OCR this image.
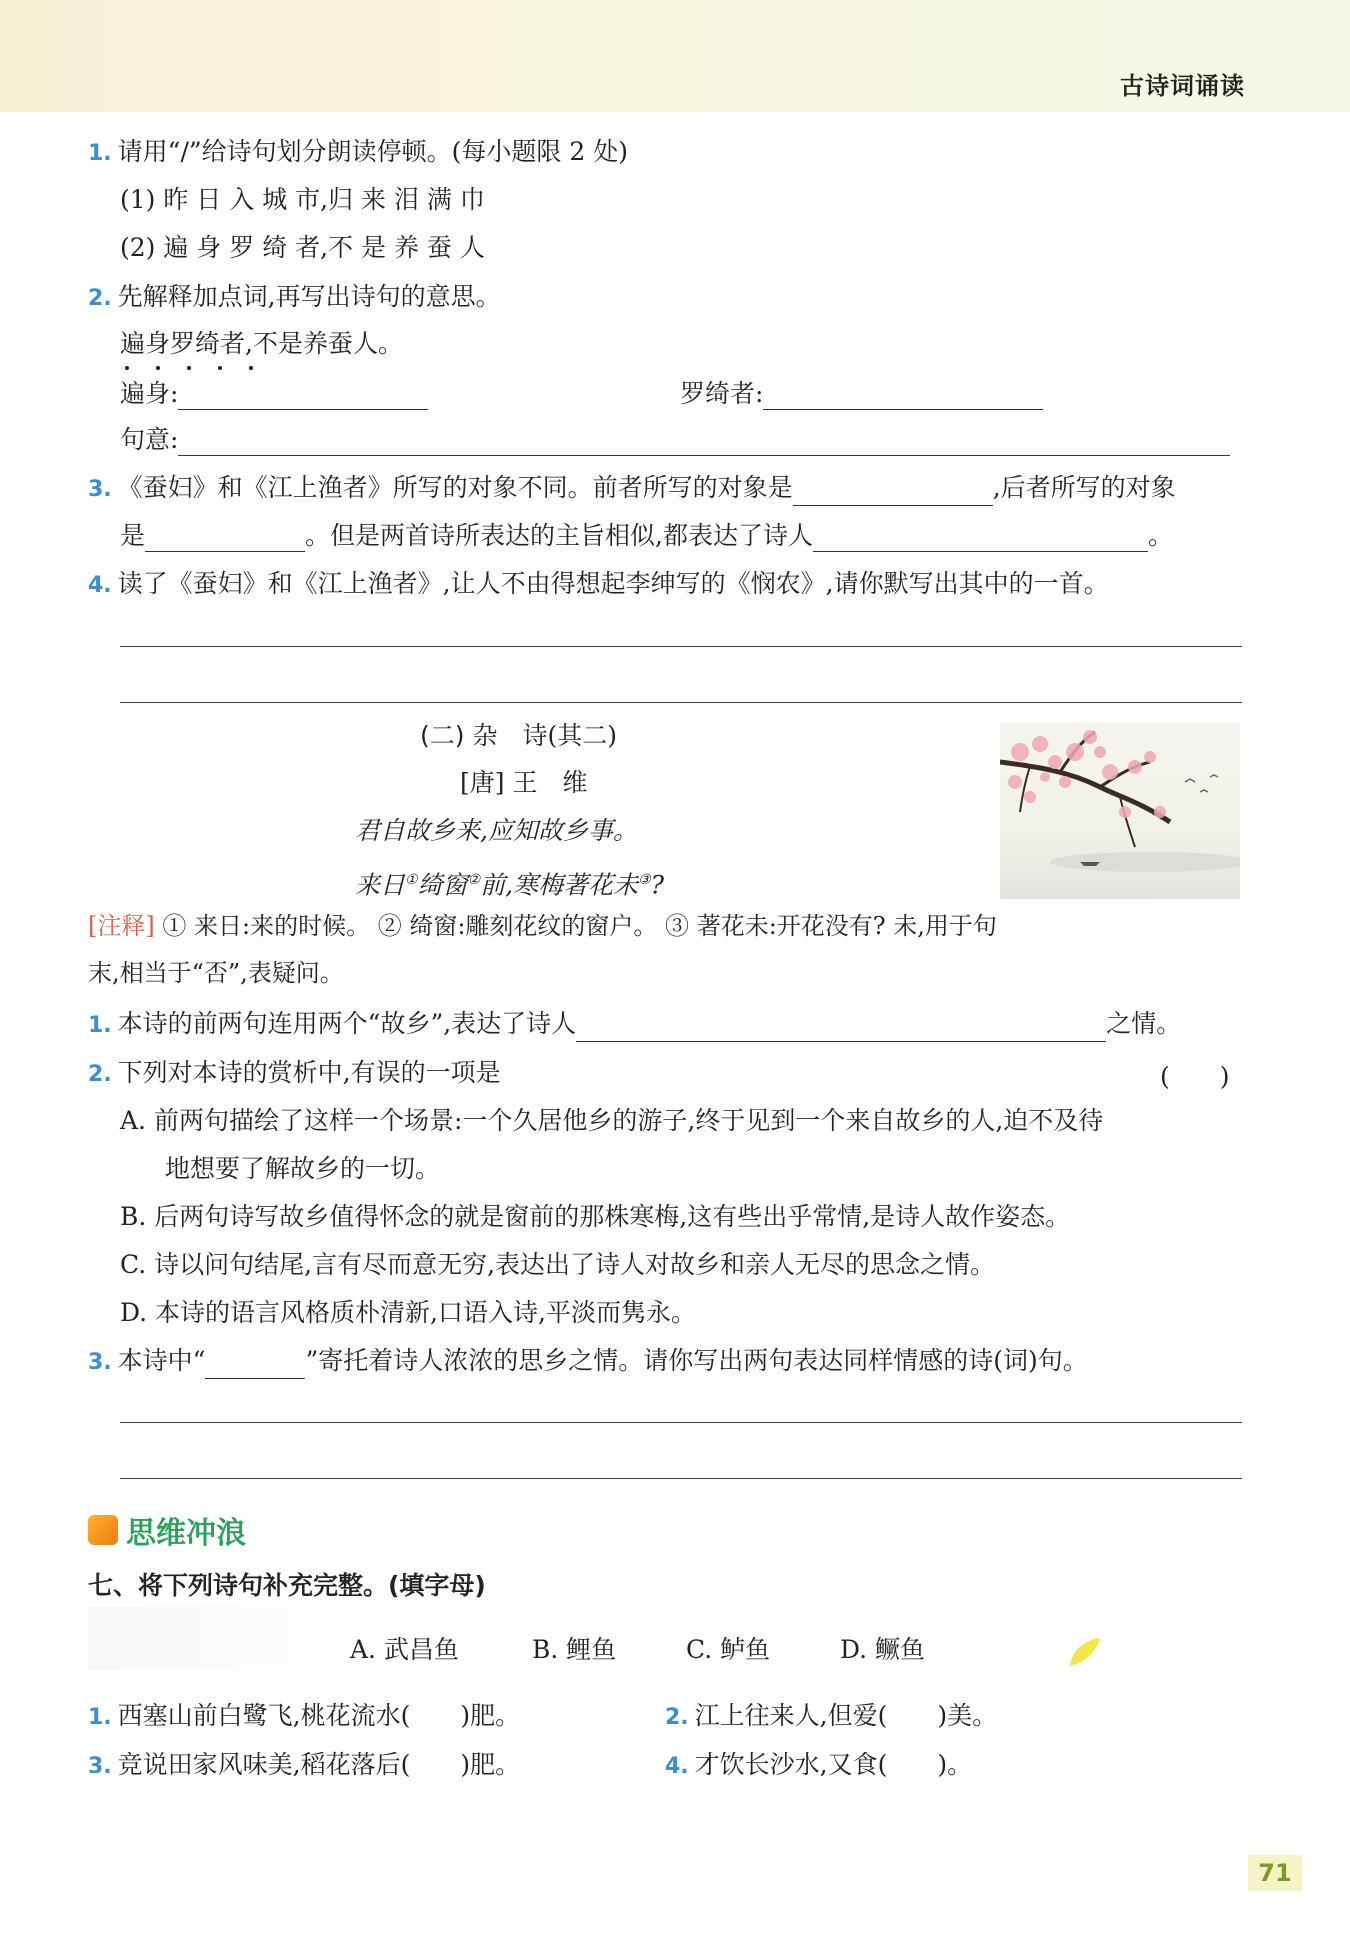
古诗词诵读
1. 请用“/”给诗句划分朗读停顿。(每小题限 2 处)
(1) 昨 日 入 城 市,归 来 泪 满 巾
(2) 遍 身 罗 绮 者,不 是 养 蚕 人
2. 先解释加点词,再写出诗句的意思。
遍身罗绮者,不是养蚕人。
遍身:	罗绮者:
句意:
3. 《蚕妇》和《江上渔者》所写的对象不同。前者所写的对象是	,后者所写的对象
是	。但是两首诗所表达的主旨相似,都表达了诗人	。
4. 读了《蚕妇》和《江上渔者》,让人不由得想起李绅写的《悯农》,请你默写出其中的一首。
(二) 杂　诗(其二)
[唐] 王　维
君自故乡来,应知故乡事。
来日①绮窗②前,寒梅著花未③?
[注释] ① 来日:来的时候。 ② 绮窗:雕刻花纹的窗户。 ③ 著花未:开花没有? 未,用于句
末,相当于“否”,表疑问。
1. 本诗的前两句连用两个“故乡”,表达了诗人	之情。
2. 下列对本诗的赏析中,有误的一项是	(　　)
A. 前两句描绘了这样一个场景:一个久居他乡的游子,终于见到一个来自故乡的人,迫不及待
地想要了解故乡的一切。
B. 后两句诗写故乡值得怀念的就是窗前的那株寒梅,这有些出乎常情,是诗人故作姿态。
C. 诗以问句结尾,言有尽而意无穷,表达出了诗人对故乡和亲人无尽的思念之情。
D. 本诗的语言风格质朴清新,口语入诗,平淡而隽永。
3. 本诗中“	”寄托着诗人浓浓的思乡之情。请你写出两句表达同样情感的诗(词)句。
思维冲浪
七、将下列诗句补充完整。(填字母)
A. 武昌鱼	B. 鲤鱼	C. 鲈鱼	D. 鳜鱼
1. 西塞山前白鹭飞,桃花流水( )肥。	2. 江上往来人,但爱( )美。
3. 竞说田家风味美,稻花落后( )肥。	4. 才饮长沙水,又食( )。
71
